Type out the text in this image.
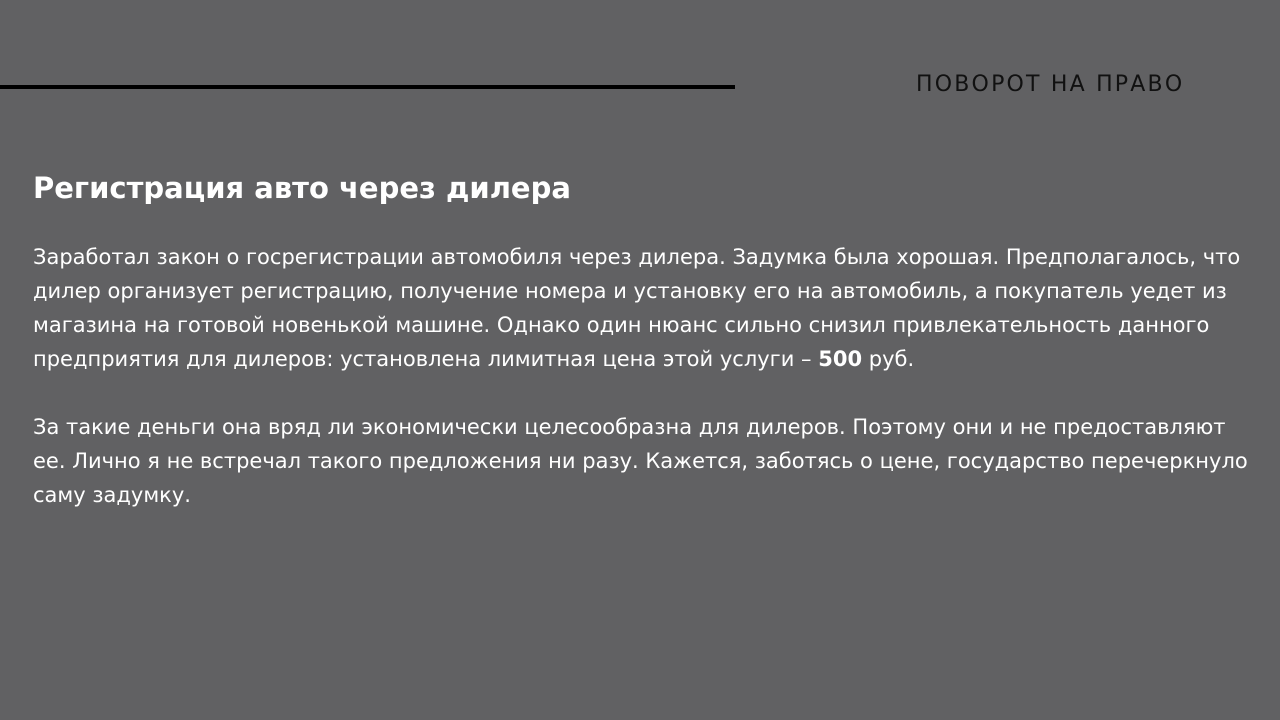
ПОВОРОТ НА ПРАВО
Регистрация авто через дилера

Заработал закон о госрегистрации автомобиля через дилера. Задумка была хорошая. Предполагалось, что дилер организует регистрацию, получение номера и установку его на автомобиль, а покупатель уедет из магазина на готовой новенькой машине. Однако один нюанс сильно снизил привлекательность данного предприятия для дилеров: установлена лимитная цена этой услуги – 500 руб.

За такие деньги она вряд ли экономически целесообразна для дилеров. Поэтому они и не предоставляют ее. Лично я не встречал такого предложения ни разу. Кажется, заботясь о цене, государство перечеркнуло саму задумку.
